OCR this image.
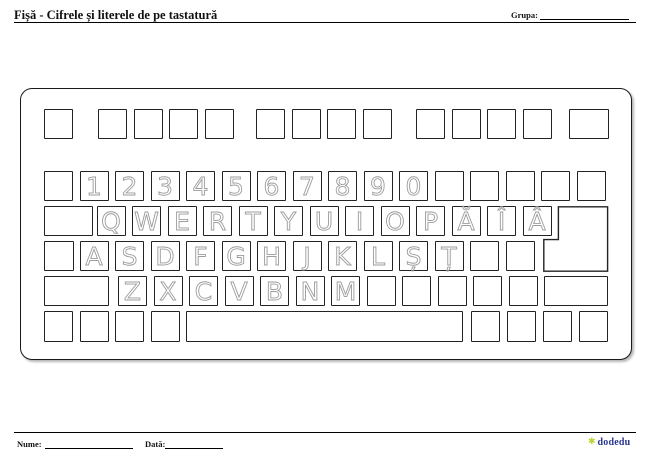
Fișă - Cifrele și literele de pe tastatură	Grupa:
1 2 3 4 5 6 7 8 9 0
Q W E R T Y U I O P Ă Î Â
A S D F G H J K L Ș Ț
Z X C V B N M
Nume:	Dată:	✱ dodedu
